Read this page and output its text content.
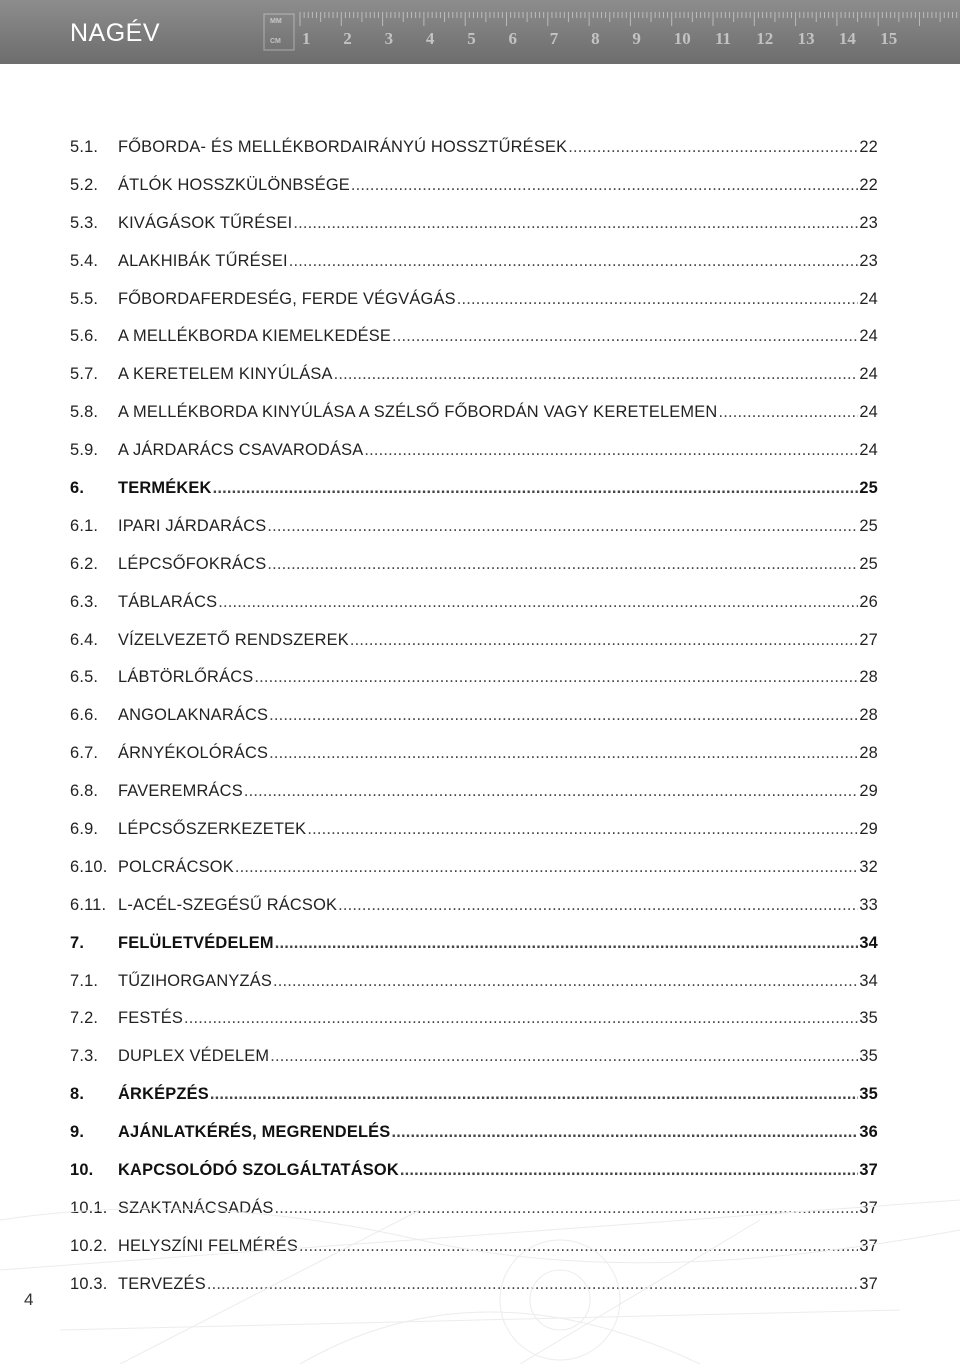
NAGÉV	MM
CM 1 2 3 4 5 6 7 8 9 10 11 12 13 14 15
5.1.	FŐBORDA- ÉS MELLÉKBORDAIRÁNYÚ HOSSZTŰRÉSEK .....	22
5.2.	ÁTLÓK HOSSZKÜLÖNBSÉGE .....	22
5.3.	KIVÁGÁSOK TŰRÉSEI .....	23
5.4.	ALAKHIBÁK TŰRÉSEI .....	23
5.5.	FŐBORDAFERDESÉG, FERDE VÉGVÁGÁS .....	24
5.6.	A MELLÉKBORDA KIEMELKEDÉSE .....	24
5.7.	A KERETELEM KINYÚLÁSA .....	24
5.8.	A MELLÉKBORDA KINYÚLÁSA A SZÉLSŐ FŐBORDÁN VAGY KERETELEMEN .....	24
5.9.	A JÁRDARÁCS CSAVARODÁSA .....	24
6.	TERMÉKEK .....	25
6.1.	IPARI JÁRDARÁCS .....	25
6.2.	LÉPCSŐFOKRÁCS .....	25
6.3.	TÁBLARÁCS .....	26
6.4.	VÍZELVEZETŐ RENDSZEREK .....	27
6.5.	LÁBTÖRLŐRÁCS .....	28
6.6.	ANGOLAKNARÁCS .....	28
6.7.	ÁRNYÉKOLÓRÁCS .....	28
6.8.	FAVEREMRÁCS .....	29
6.9.	LÉPCSŐSZERKEZETEK .....	29
6.10. POLCRÁCSOK .....	32
6.11. L-ACÉL-SZEGÉSŰ RÁCSOK .....	33
7.	FELÜLETVÉDELEM .....	34
7.1.	TŰZIHORGANYZÁS .....	34
7.2.	FESTÉS .....	35
7.3.	DUPLEX VÉDELEM .....	35
8.	ÁRKÉPZÉS .....	35
9.	AJÁNLATKÉRÉS, MEGRENDELÉS .....	36
10.	KAPCSOLÓDÓ SZOLGÁLTATÁSOK .....	37
10.1. SZAKTANÁCSADÁS .....	37
10.2. HELYSZÍNI FELMÉRÉS .....	37
10.3. TERVEZÉS .....	37
4
